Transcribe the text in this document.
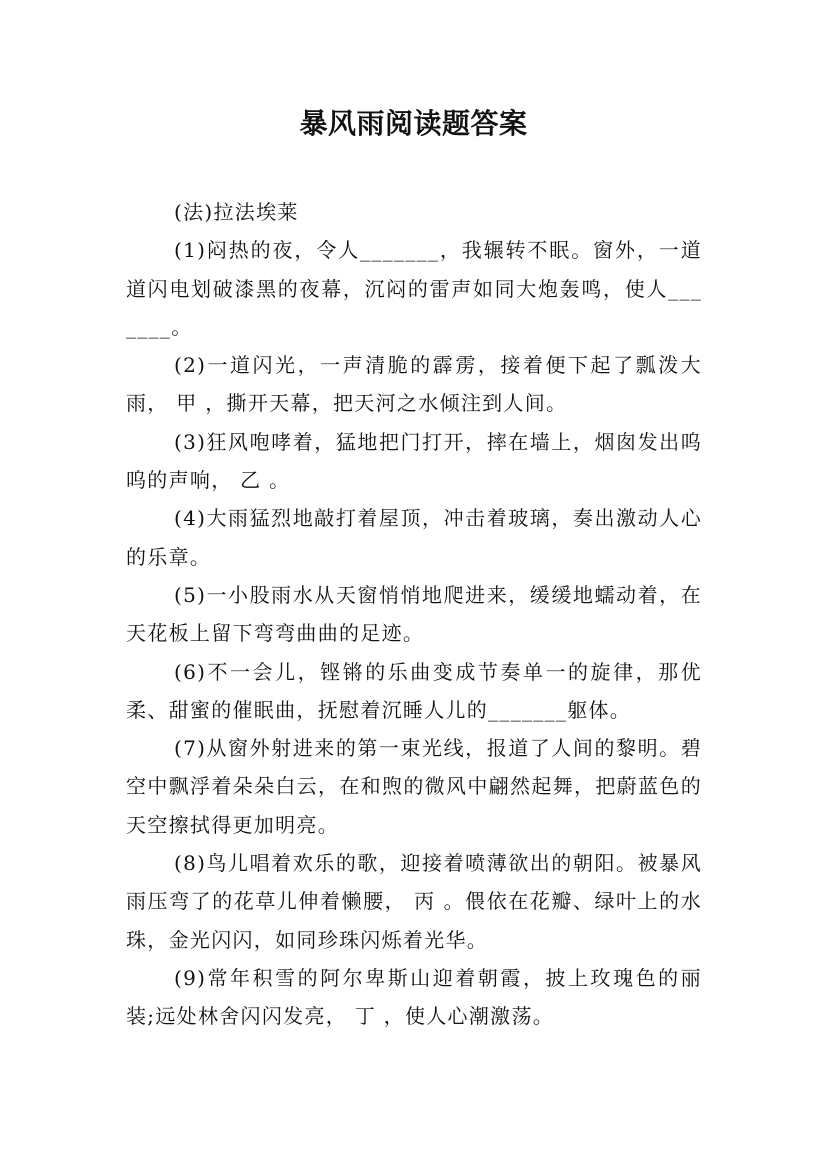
暴风雨阅读题答案

(法)拉法埃莱

(1)闷热的夜，令人_______，我辗转不眠。窗外，一道道闪电划破漆黑的夜幕，沉闷的雷声如同大炮轰鸣，使人_______。

(2)一道闪光，一声清脆的霹雳，接着便下起了瓢泼大雨， 甲 ，撕开天幕，把天河之水倾注到人间。

(3)狂风咆哮着，猛地把门打开，摔在墙上，烟囱发出呜呜的声响， 乙 。

(4)大雨猛烈地敲打着屋顶，冲击着玻璃，奏出激动人心的乐章。

(5)一小股雨水从天窗悄悄地爬进来，缓缓地蠕动着，在天花板上留下弯弯曲曲的足迹。

(6)不一会儿，铿锵的乐曲变成节奏单一的旋律，那优柔、甜蜜的催眠曲，抚慰着沉睡人儿的_______躯体。

(7)从窗外射进来的第一束光线，报道了人间的黎明。碧空中飘浮着朵朵白云，在和煦的微风中翩然起舞，把蔚蓝色的天空擦拭得更加明亮。

(8)鸟儿唱着欢乐的歌，迎接着喷薄欲出的朝阳。被暴风雨压弯了的花草儿伸着懒腰， 丙 。偎依在花瓣、绿叶上的水珠，金光闪闪，如同珍珠闪烁着光华。

(9)常年积雪的阿尔卑斯山迎着朝霞，披上玫瑰色的丽装;远处林舍闪闪发亮， 丁 ，使人心潮激荡。
